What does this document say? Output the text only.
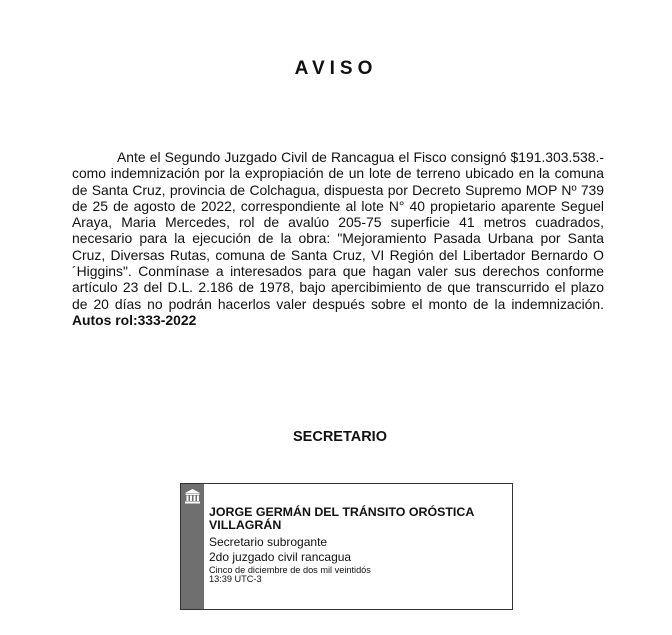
AVISO
Ante el Segundo Juzgado Civil de Rancagua el Fisco consignó $191.303.538.- como indemnización por la expropiación de un lote de terreno ubicado en la comuna de Santa Cruz, provincia de Colchagua, dispuesta por Decreto Supremo MOP Nº 739 de 25 de agosto de 2022, correspondiente al lote N° 40 propietario aparente Seguel Araya, Maria Mercedes, rol de avalúo 205-75 superficie 41 metros cuadrados, necesario para la ejecución de la obra: "Mejoramiento Pasada Urbana por Santa Cruz, Diversas Rutas, comuna de Santa Cruz, VI Región del Libertador Bernardo O´Higgins". Conmínase a interesados para que hagan valer sus derechos conforme artículo 23 del D.L. 2.186 de 1978, bajo apercibimiento de que transcurrido el plazo de 20 días no podrán hacerlos valer después sobre el monto de la indemnización. Autos rol:333-2022
SECRETARIO
JORGE GERMÁN DEL TRÁNSITO ORÓSTICA VILLAGRÁN
Secretario subrogante
2do juzgado civil rancagua
Cinco de diciembre de dos mil veintidós
13:39 UTC-3
